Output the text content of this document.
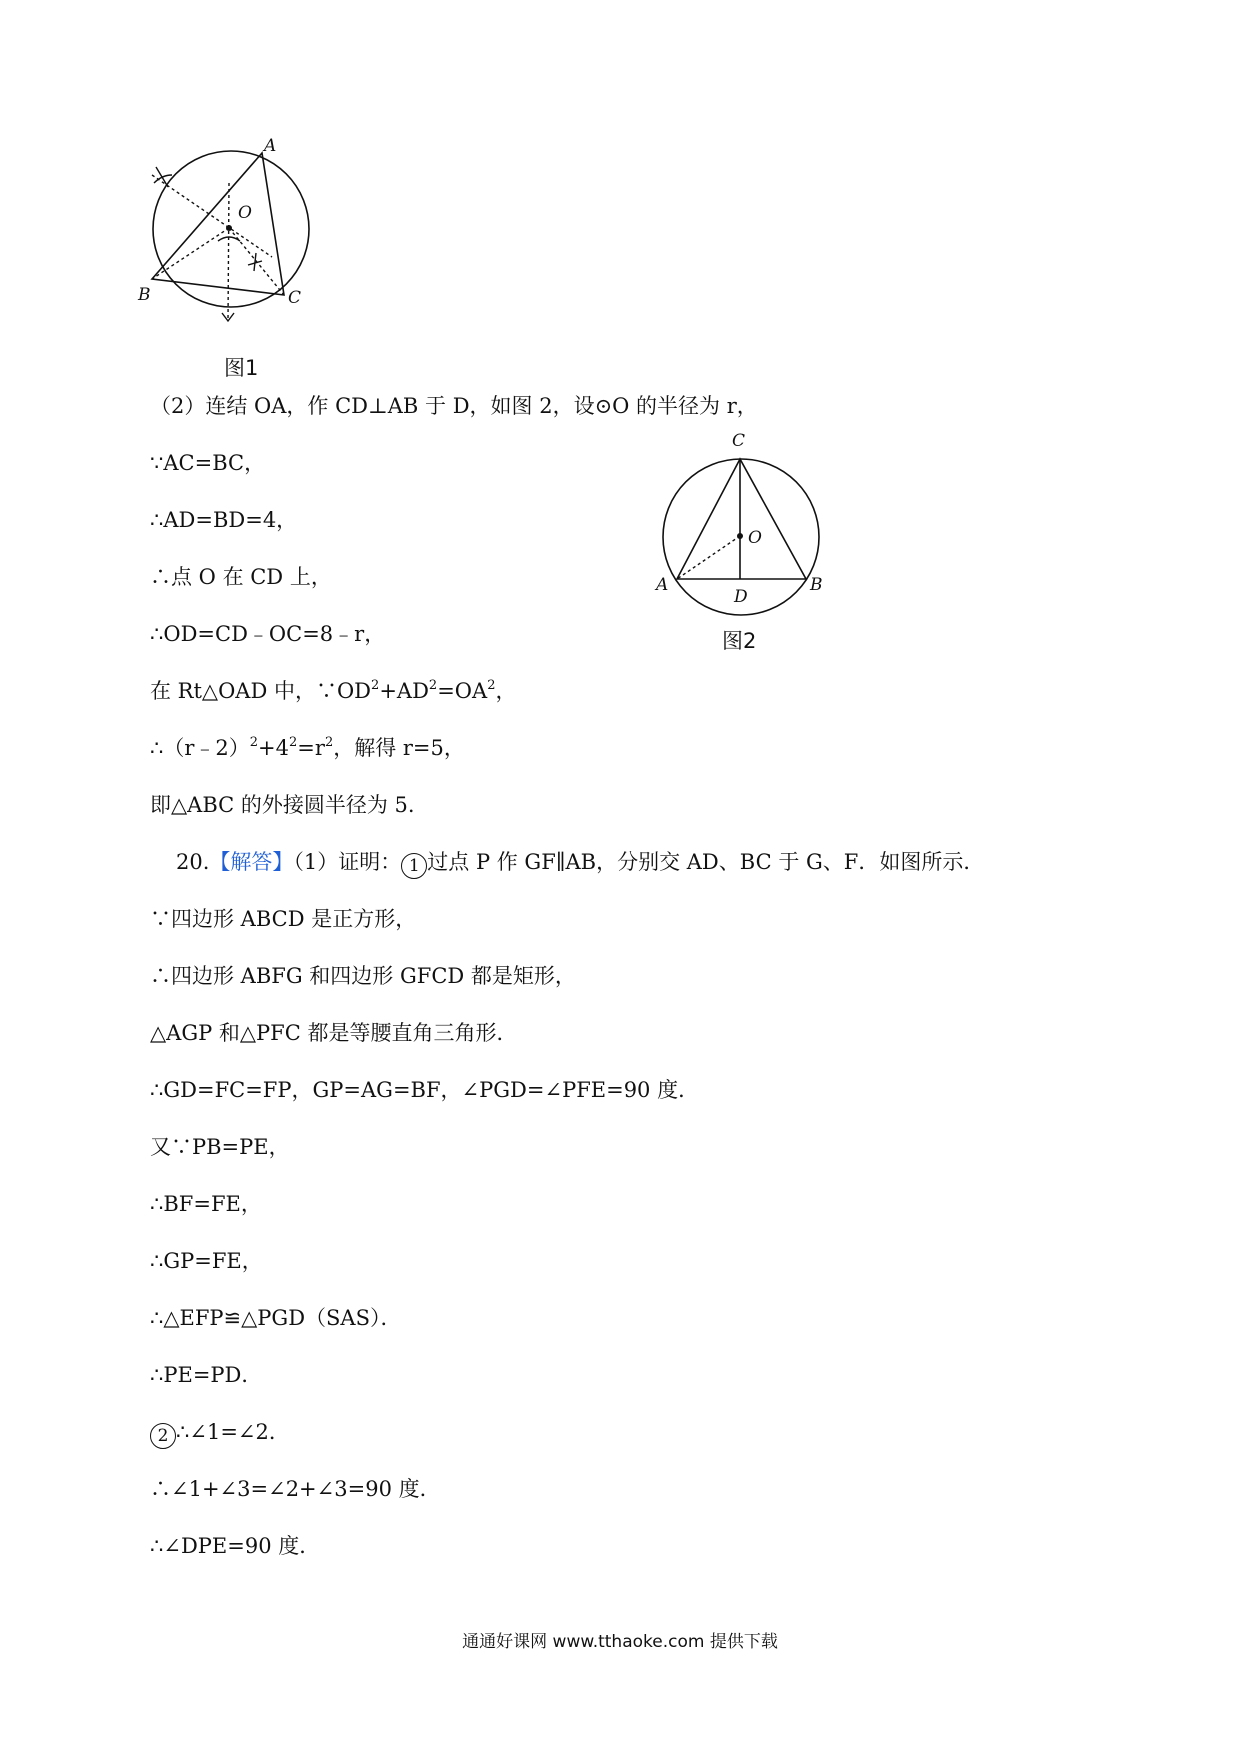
A
O
B	C
图1
C
O
A	B
D
图2
（2）连结 OA，作 CD⊥AB 于 D，如图 2，设⊙O 的半径为 r，
∵AC=BC，
∴AD=BD=4，
∴点 O 在 CD 上，
∴OD=CD﹣OC=8﹣r，
在 Rt△OAD 中，$\because OD^2+AD^2=OA^2$，
$\therefore(r﹣2)^2+4^2=r^2$，解得 r=5，
即△ABC 的外接圆半径为 5.
20.【解答】（1）证明： 1 过点 P 作 GF∥AB，分别交 AD、BC 于 G、F．如图所示．
∵四边形 ABCD 是正方形，
∴四边形 ABFG 和四边形 GFCD 都是矩形，
△AGP 和△PFC 都是等腰直角三角形．
∴GD=FC=FP，GP=AG=BF，∠PGD=∠PFE=90 度．
又∵PB=PE，
∴BF=FE，
∴GP=FE，
∴△EFP≌△PGD（SAS）．
∴PE=PD．
2 ∴∠1=∠2．
∴∠1+∠3=∠2+∠3=90 度．
∴∠DPE=90 度．
通通好课网 www.tthaoke.com 提供下载
